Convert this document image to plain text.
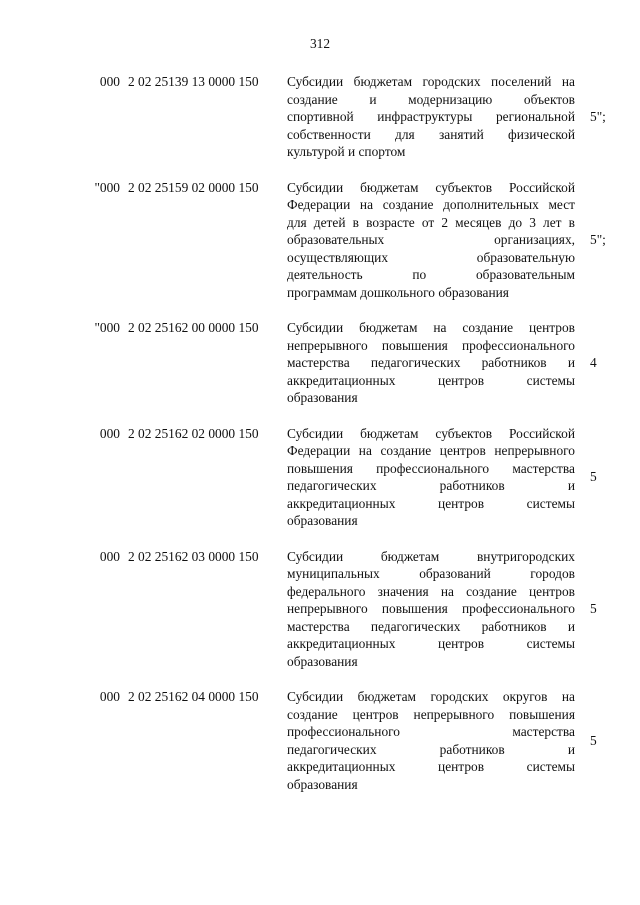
312
000 2 02 25139 13 0000 150 Субсидии бюджетам городских поселений на
создание и модернизацию объектов
спортивной инфраструктуры региональной
собственности для занятий физической
культурой и спортом
5";
"000 2 02 25159 02 0000 150 Субсидии бюджетам субъектов Российской
Федерации на создание дополнительных мест
для детей в возрасте от 2 месяцев до 3 лет в
образовательных организациях,
осуществляющих образовательную
деятельность по образовательным
программам дошкольного образования
5";
"000 2 02 25162 00 0000 150 Субсидии бюджетам на создание центров
непрерывного повышения профессионального
мастерства педагогических работников и
аккредитационных центров системы
образования
4
000 2 02 25162 02 0000 150 Субсидии бюджетам субъектов Российской
Федерации на создание центров непрерывного
повышения профессионального мастерства
педагогических работников и
аккредитационных центров системы
образования
5
000 2 02 25162 03 0000 150 Субсидии бюджетам внутригородских
муниципальных образований городов
федерального значения на создание центров
непрерывного повышения профессионального
мастерства педагогических работников и
аккредитационных центров системы
образования
5
000 2 02 25162 04 0000 150 Субсидии бюджетам городских округов на
создание центров непрерывного повышения
профессионального мастерства
педагогических работников и
аккредитационных центров системы
образования
5
